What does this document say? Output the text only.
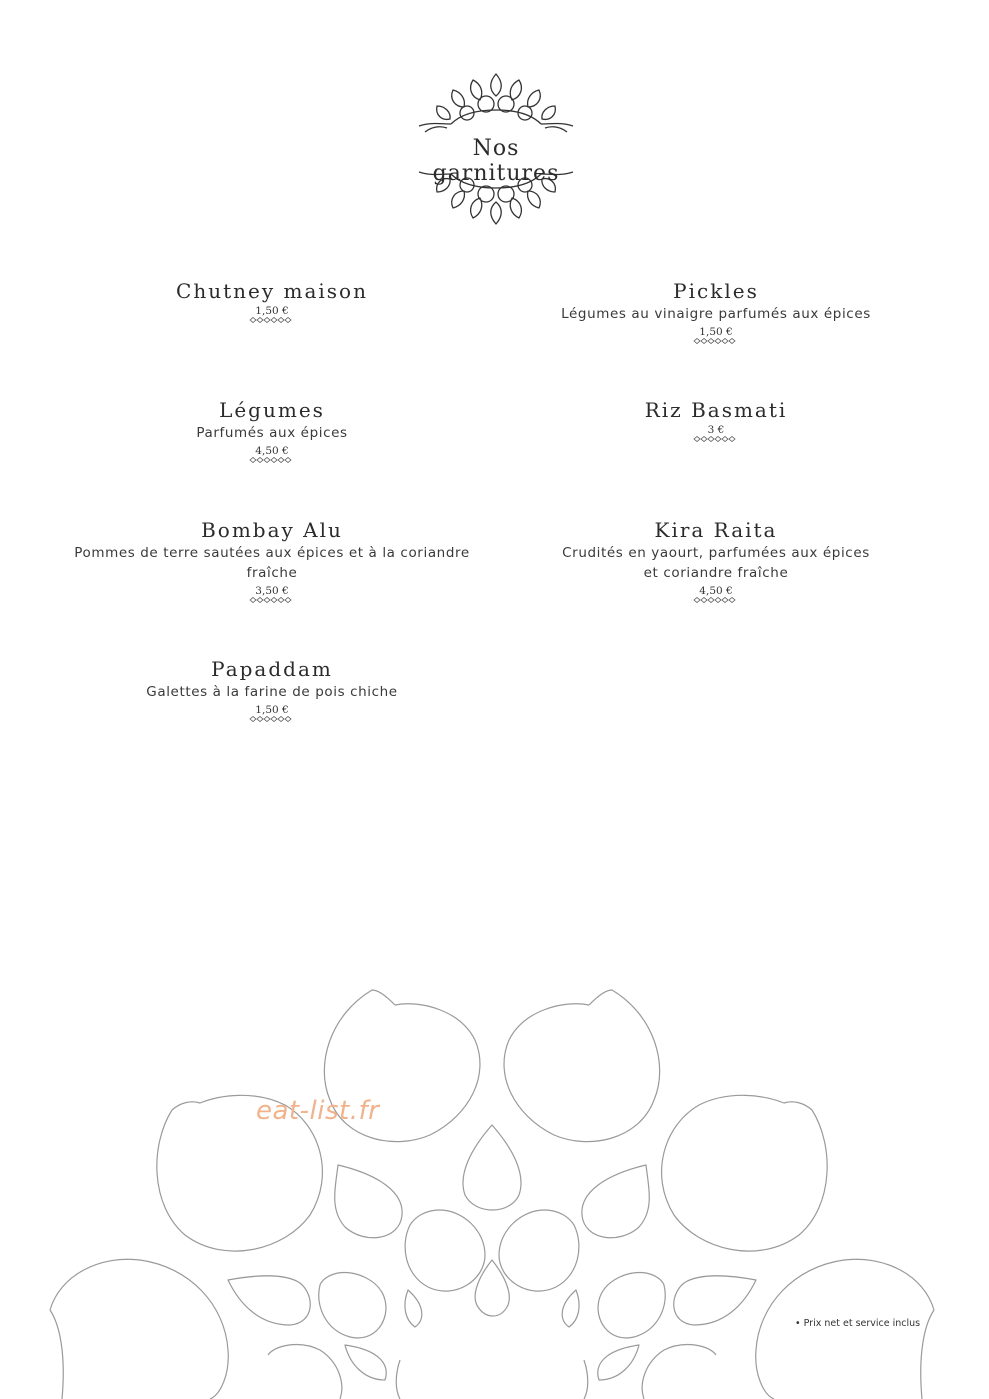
Nos garnitures
Chutney maison
1,50 €
Légumes
Parfumés aux épices
4,50 €
Bombay Alu
Pommes de terre sautées aux épices et à la coriandre fraîche
3,50 €
Papaddam
Galettes à la farine de pois chiche
1,50 €
Pickles
Légumes au vinaigre parfumés aux épices
1,50 €
Riz Basmati
3 €
Kira Raita
Crudités en yaourt, parfumées aux épices et coriandre fraîche
4,50 €
eat-list.fr
• Prix net et service inclus
